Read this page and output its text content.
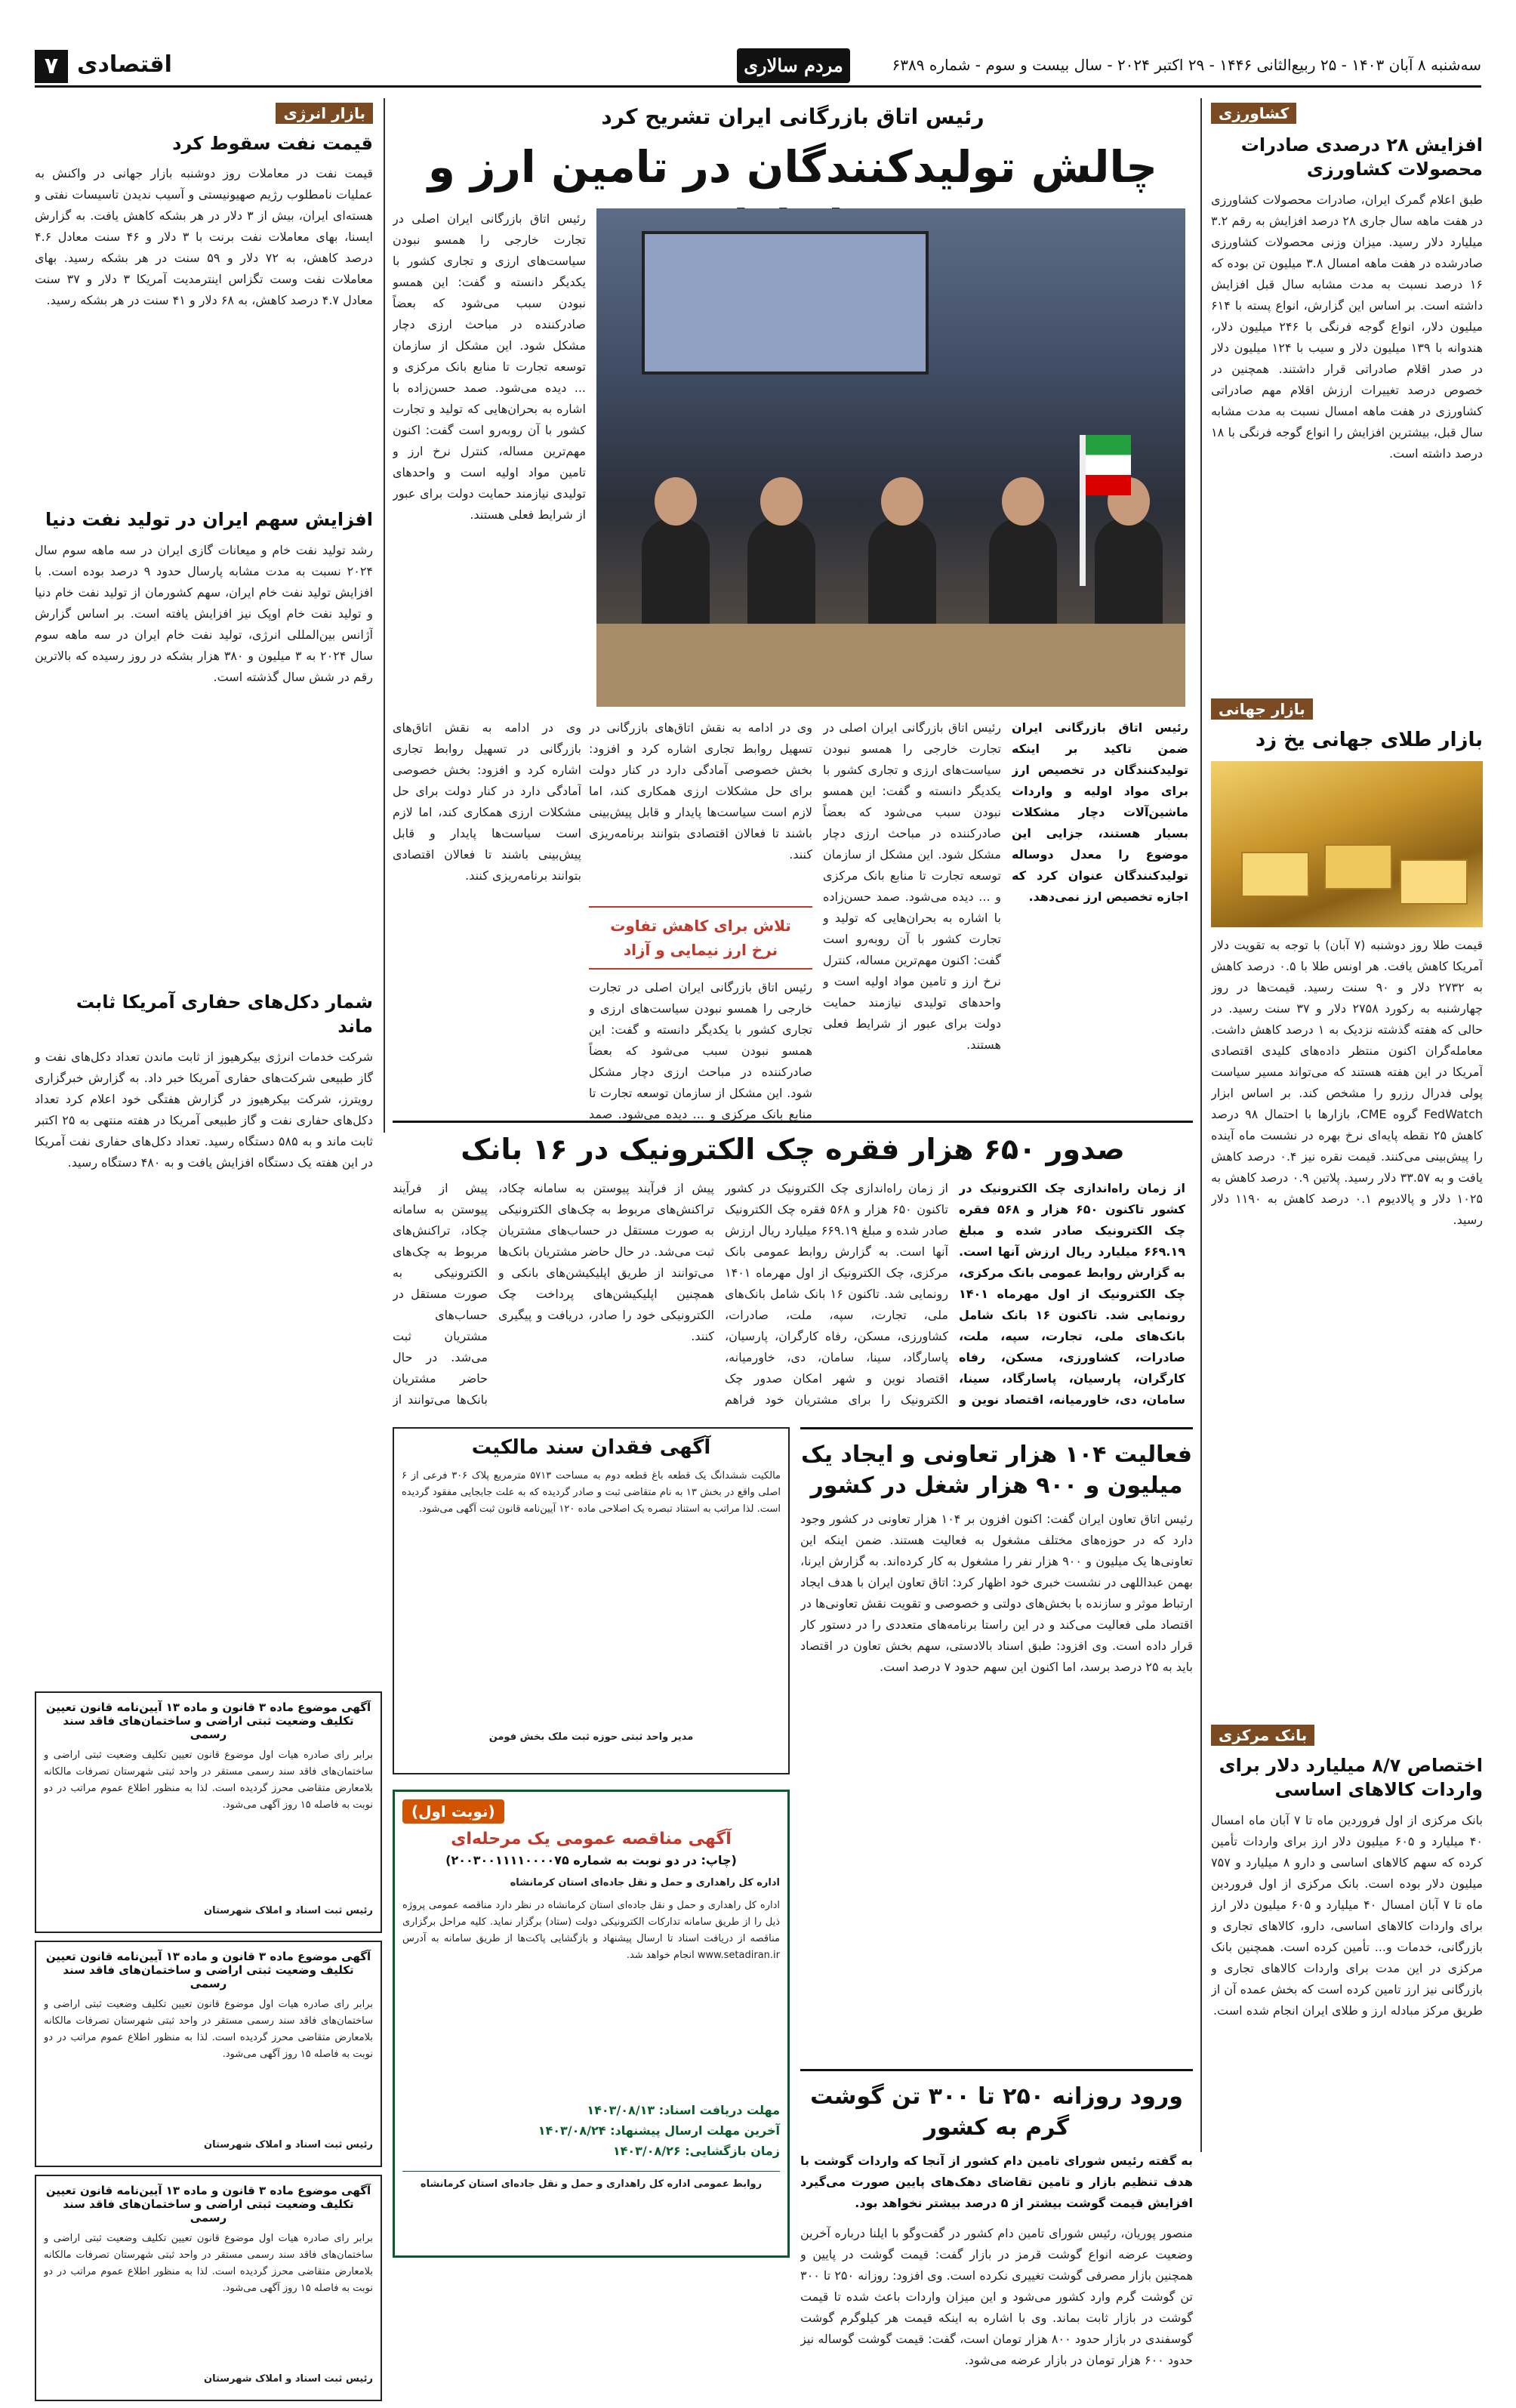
۷ اقتصادی	مردم سالاری	سه‌شنبه ۸ آبان ۱۴۰۳ - ۲۵ ربیع‌الثانی ۱۴۴۶ - ۲۹ اکتبر ۲۰۲۴ - سال بیست و سوم - شماره ۶۳۸۹
کشاورزی
افزایش ۲۸ درصدی صادرات محصولات کشاورزی
طبق اعلام گمرک ایران، صادرات محصولات کشاورزی در هفت ماهه سال جاری ۲۸ درصد افزایش به رقم ۳.۲ میلیارد دلار رسید. میزان وزنی محصولات کشاورزی صادرشده در هفت ماهه امسال ۳.۸ میلیون تن بوده که ۱۶ درصد نسبت به مدت مشابه سال قبل افزایش داشته است. بر اساس این گزارش، انواع پسته با ۶۱۴ میلیون دلار، انواع گوجه فرنگی با ۲۴۶ میلیون دلار، هندوانه با ۱۳۹ میلیون دلار و سیب با ۱۲۴ میلیون دلار در صدر اقلام صادراتی قرار داشتند. همچنین در خصوص درصد تغییرات ارزش اقلام مهم صادراتی کشاورزی در هفت ماهه امسال نسبت به مدت مشابه سال قبل، بیشترین افزایش را انواع گوجه فرنگی با ۱۸ درصد داشته است.
بازار جهانی
بازار طلای جهانی یخ زد
قیمت طلا روز دوشنبه (۷ آبان) با توجه به تقویت دلار آمریکا کاهش یافت. هر اونس طلا با ۰.۵ درصد کاهش به ۲۷۳۲ دلار و ۹۰ سنت رسید. قیمت‌ها در روز چهارشنبه به رکورد ۲۷۵۸ دلار و ۳۷ سنت رسید. در حالی که هفته گذشته نزدیک به ۱ درصد کاهش داشت. معامله‌گران اکنون منتظر داده‌های کلیدی اقتصادی آمریکا در این هفته هستند که می‌تواند مسیر سیاست پولی فدرال رزرو را مشخص کند. بر اساس ابزار FedWatch گروه CME، بازارها با احتمال ۹۸ درصد کاهش ۲۵ نقطه پایه‌ای نرخ بهره در نشست ماه آینده را پیش‌بینی می‌کنند. قیمت نقره نیز ۰.۴ درصد کاهش یافت و به ۳۳.۵۷ دلار رسید. پلاتین ۰.۹ درصد کاهش به ۱۰۲۵ دلار و پالادیوم ۰.۱ درصد کاهش به ۱۱۹۰ دلار رسید.
بانک مرکزی
اختصاص ۸/۷ میلیارد دلار برای واردات کالاهای اساسی
بانک مرکزی از اول فروردین ماه تا ۷ آبان ماه امسال ۴۰ میلیارد و ۶۰۵ میلیون دلار ارز برای واردات تأمین کرده که سهم کالاهای اساسی و دارو ۸ میلیارد و ۷۵۷ میلیون دلار بوده است. بانک مرکزی از اول فروردین ماه تا ۷ آبان امسال ۴۰ میلیارد و ۶۰۵ میلیون دلار ارز برای واردات کالاهای اساسی، دارو، کالاهای تجاری و بازرگانی، خدمات و... تأمین کرده است. همچنین بانک مرکزی در این مدت برای واردات کالاهای تجاری و بازرگانی نیز ارز تامین کرده است که بخش عمده آن از طریق مرکز مبادله ارز و طلای ایران انجام شده است.
بازار انرژی
قیمت نفت سقوط کرد
قیمت نفت در معاملات روز دوشنبه بازار جهانی در واکنش به عملیات نامطلوب رژیم صهیونیستی و آسیب ندیدن تاسیسات نفتی و هسته‌ای ایران، بیش از ۳ دلار در هر بشکه کاهش یافت. به گزارش ایسنا، بهای معاملات نفت برنت با ۳ دلار و ۴۶ سنت معادل ۴.۶ درصد کاهش، به ۷۲ دلار و ۵۹ سنت در هر بشکه رسید. بهای معاملات نفت وست تگزاس اینترمدیت آمریکا ۳ دلار و ۳۷ سنت معادل ۴.۷ درصد کاهش، به ۶۸ دلار و ۴۱ سنت در هر بشکه رسید.
افزایش سهم ایران در تولید نفت دنیا
رشد تولید نفت خام و میعانات گازی ایران در سه ماهه سوم سال ۲۰۲۴ نسبت به مدت مشابه پارسال حدود ۹ درصد بوده است. با افزایش تولید نفت خام ایران، سهم کشورمان از تولید نفت خام دنیا و تولید نفت خام اوپک نیز افزایش یافته است. بر اساس گزارش آژانس بین‌المللی انرژی، تولید نفت خام ایران در سه ماهه سوم سال ۲۰۲۴ به ۳ میلیون و ۳۸۰ هزار بشکه در روز رسیده که بالاترین رقم در شش سال گذشته است.
شمار دکل‌های حفاری آمریکا ثابت ماند
شرکت خدمات انرژی بیکرهیوز از ثابت ماندن تعداد دکل‌های نفت و گاز طبیعی شرکت‌های حفاری آمریکا خبر داد. به گزارش خبرگزاری رویترز، شرکت بیکرهیوز در گزارش هفتگی خود اعلام کرد تعداد دکل‌های حفاری نفت و گاز طبیعی آمریکا در هفته منتهی به ۲۵ اکتبر ثابت ماند و به ۵۸۵ دستگاه رسید. تعداد دکل‌های حفاری نفت آمریکا در این هفته یک دستگاه افزایش یافت و به ۴۸۰ دستگاه رسید.
رئیس اتاق بازرگانی ایران تشریح کرد
چالش تولیدکنندگان در تامین ارز و
رئیس اتاق بازرگانی ایران اصلی در تجارت خارجی را همسو نبودن سیاست‌های ارزی و تجاری کشور با یکدیگر دانسته و گفت: این همسو نبودن سبب می‌شود که بعضاً صادرکننده در مباحث ارزی دچار مشکل شود. این مشکل از سازمان توسعه تجارت تا منابع بانک مرکزی و ... دیده می‌شود. صمد حسن‌زاده با اشاره به بحران‌هایی که تولید و تجارت کشور با آن روبه‌رو است گفت: اکنون مهم‌ترین مساله، کنترل نرخ ارز و تامین مواد اولیه است و واحدهای تولیدی نیازمند حمایت دولت برای عبور از شرایط فعلی هستند.
رئیس اتاق بازرگانی ایران ضمن تاکید بر اینکه تولیدکنندگان در تخصیص ارز برای مواد اولیه و واردات ماشین‌آلات دچار مشکلات بسیار هستند، جزایی این موضوع را معدل دوساله تولیدکنندگان عنوان کرد که اجازه تخصیص ارز نمی‌دهد.
رئیس اتاق بازرگانی ایران اصلی در تجارت خارجی را همسو نبودن سیاست‌های ارزی و تجاری کشور با یکدیگر دانسته و گفت: این همسو نبودن سبب می‌شود که بعضاً صادرکننده در مباحث ارزی دچار مشکل شود. این مشکل از سازمان توسعه تجارت تا منابع بانک مرکزی و ... دیده می‌شود. صمد حسن‌زاده با اشاره به بحران‌هایی که تولید و تجارت کشور با آن روبه‌رو است گفت: اکنون مهم‌ترین مساله، کنترل نرخ ارز و تامین مواد اولیه است و واحدهای تولیدی نیازمند حمایت دولت برای عبور از شرایط فعلی هستند.
وی در ادامه به نقش اتاق‌های بازرگانی در تسهیل روابط تجاری اشاره کرد و افزود: بخش خصوصی آمادگی دارد در کنار دولت برای حل مشکلات ارزی همکاری کند، اما لازم است سیاست‌ها پایدار و قابل پیش‌بینی باشند تا فعالان اقتصادی بتوانند برنامه‌ریزی کنند.
تلاش برای کاهش تفاوت نرخ ارز نیمایی و آزاد
رئیس اتاق بازرگانی ایران اصلی در تجارت خارجی را همسو نبودن سیاست‌های ارزی و تجاری کشور با یکدیگر دانسته و گفت: این همسو نبودن سبب می‌شود که بعضاً صادرکننده در مباحث ارزی دچار مشکل شود. این مشکل از سازمان توسعه تجارت تا منابع بانک مرکزی و ... دیده می‌شود. صمد
وی در ادامه به نقش اتاق‌های بازرگانی در تسهیل روابط تجاری اشاره کرد و افزود: بخش خصوصی آمادگی دارد در کنار دولت برای حل مشکلات ارزی همکاری کند، اما لازم است سیاست‌ها پایدار و قابل پیش‌بینی باشند تا فعالان اقتصادی بتوانند برنامه‌ریزی کنند.
صدور ۶۵۰ هزار فقره چک الکترونیک در ۱۶ بانک
از زمان راه‌اندازی چک الکترونیک در کشور تاکنون ۶۵۰ هزار و ۵۶۸ فقره چک الکترونیک صادر شده و مبلغ ۶۶۹.۱۹ میلیارد ریال ارزش آنها است. به گزارش روابط عمومی بانک مرکزی، چک الکترونیک از اول مهرماه ۱۴۰۱ رونمایی شد. تاکنون ۱۶ بانک شامل بانک‌های ملی، تجارت، سپه، ملت، صادرات، کشاورزی، مسکن، رفاه کارگران، پارسیان، پاسارگاد، سینا، سامان، دی، خاورمیانه، اقتصاد نوین و
از زمان راه‌اندازی چک الکترونیک در کشور تاکنون ۶۵۰ هزار و ۵۶۸ فقره چک الکترونیک صادر شده و مبلغ ۶۶۹.۱۹ میلیارد ریال ارزش آنها است. به گزارش روابط عمومی بانک مرکزی، چک الکترونیک از اول مهرماه ۱۴۰۱ رونمایی شد. تاکنون ۱۶ بانک شامل بانک‌های ملی، تجارت، سپه، ملت، صادرات، کشاورزی، مسکن، رفاه کارگران، پارسیان، پاسارگاد، سینا، سامان، دی، خاورمیانه، اقتصاد نوین و شهر امکان صدور چک الکترونیک را برای مشتریان خود فراهم
پیش از فرآیند پیوستن به سامانه چکاد، تراکنش‌های مربوط به چک‌های الکترونیکی به صورت مستقل در حساب‌های مشتریان ثبت می‌شد. در حال حاضر مشتریان بانک‌ها می‌توانند از طریق اپلیکیشن‌های بانکی و همچنین اپلیکیشن‌های پرداخت چک الکترونیکی خود را صادر، دریافت و پیگیری کنند.
پیش از فرآیند پیوستن به سامانه چکاد، تراکنش‌های مربوط به چک‌های الکترونیکی به صورت مستقل در حساب‌های مشتریان ثبت می‌شد. در حال حاضر مشتریان بانک‌ها می‌توانند از
فعالیت ۱۰۴ هزار تعاونی و ایجاد یک میلیون و ۹۰۰ هزار شغل در کشور
رئیس اتاق تعاون ایران گفت: اکنون افزون بر ۱۰۴ هزار تعاونی در کشور وجود دارد که در حوزه‌های مختلف مشغول به فعالیت هستند. ضمن اینکه این تعاونی‌ها یک میلیون و ۹۰۰ هزار نفر را مشغول به کار کرده‌اند. به گزارش ایرنا، بهمن عبداللهی در نشست خبری خود اظهار کرد: اتاق تعاون ایران با هدف ایجاد ارتباط موثر و سازنده با بخش‌های دولتی و خصوصی و تقویت نقش تعاونی‌ها در اقتصاد ملی فعالیت می‌کند و در این راستا برنامه‌های متعددی را در دستور کار قرار داده است. وی افزود: طبق اسناد بالادستی، سهم بخش تعاون در اقتصاد باید به ۲۵ درصد برسد، اما اکنون این سهم حدود ۷ درصد است.
ورود روزانه ۲۵۰ تا ۳۰۰ تن گوشت گرم به کشور
به گفته رئیس شورای تامین دام کشور از آنجا که واردات گوشت با هدف تنظیم بازار و تامین تقاضای دهک‌های پایین صورت می‌گیرد افزایش قیمت گوشت بیشتر از ۵ درصد بیشتر نخواهد بود.
منصور پوریان، رئیس شورای تامین دام کشور در گفت‌وگو با ایلنا درباره آخرین وضعیت عرضه انواع گوشت قرمز در بازار گفت: قیمت گوشت در پایین و همچنین بازار مصرفی گوشت تغییری نکرده است. وی افزود: روزانه ۲۵۰ تا ۳۰۰ تن گوشت گرم وارد کشور می‌شود و این میزان واردات باعث شده تا قیمت گوشت در بازار ثابت بماند. وی با اشاره به اینکه قیمت هر کیلوگرم گوشت گوسفندی در بازار حدود ۸۰۰ هزار تومان است، گفت: قیمت گوشت گوساله نیز حدود ۶۰۰ هزار تومان در بازار عرضه می‌شود.
آگهی موضوع ماده ۳ قانون و ماده ۱۳ آیین‌نامه قانون تعیین تکلیف وضعیت ثبتی اراضی و ساختمان‌های فاقد سند رسمی
برابر رای صادره هیات اول موضوع قانون تعیین تکلیف وضعیت ثبتی اراضی و ساختمان‌های فاقد سند رسمی مستقر در واحد ثبتی شهرستان تصرفات مالکانه بلامعارض متقاضی محرز گردیده است. لذا به منظور اطلاع عموم مراتب در دو نوبت به فاصله ۱۵ روز آگهی می‌شود.
رئیس ثبت اسناد و املاک شهرستان
آگهی موضوع ماده ۳ قانون و ماده ۱۳ آیین‌نامه قانون تعیین تکلیف وضعیت ثبتی اراضی و ساختمان‌های فاقد سند رسمی
برابر رای صادره هیات اول موضوع قانون تعیین تکلیف وضعیت ثبتی اراضی و ساختمان‌های فاقد سند رسمی مستقر در واحد ثبتی شهرستان تصرفات مالکانه بلامعارض متقاضی محرز گردیده است. لذا به منظور اطلاع عموم مراتب در دو نوبت به فاصله ۱۵ روز آگهی می‌شود.
رئیس ثبت اسناد و املاک شهرستان
آگهی موضوع ماده ۳ قانون و ماده ۱۳ آیین‌نامه قانون تعیین تکلیف وضعیت ثبتی اراضی و ساختمان‌های فاقد سند رسمی
برابر رای صادره هیات اول موضوع قانون تعیین تکلیف وضعیت ثبتی اراضی و ساختمان‌های فاقد سند رسمی مستقر در واحد ثبتی شهرستان تصرفات مالکانه بلامعارض متقاضی محرز گردیده است. لذا به منظور اطلاع عموم مراتب در دو نوبت به فاصله ۱۵ روز آگهی می‌شود.
رئیس ثبت اسناد و املاک شهرستان
آگهی فقدان سند مالکیت
مالکیت ششدانگ یک قطعه باغ قطعه دوم به مساحت ۵۷۱۳ مترمربع پلاک ۳۰۶ فرعی از ۶ اصلی واقع در بخش ۱۳ به نام متقاضی ثبت و صادر گردیده که به علت جابجایی مفقود گردیده است. لذا مراتب به استناد تبصره یک اصلاحی ماده ۱۲۰ آیین‌نامه قانون ثبت آگهی می‌شود.
مدیر واحد ثبتی حوزه ثبت ملک بخش فومن
(نوبت اول)
آگهی مناقصه عمومی یک مرحله‌ای
(چاپ: در دو نوبت به شماره ۲۰۰۳۰۰۱۱۱۱۰۰۰۰۷۵)
اداره کل راهداری و حمل و نقل جاده‌ای استان کرمانشاه
اداره کل راهداری و حمل و نقل جاده‌ای استان کرمانشاه در نظر دارد مناقصه عمومی پروژه ذیل را از طریق سامانه تدارکات الکترونیکی دولت (ستاد) برگزار نماید. کلیه مراحل برگزاری مناقصه از دریافت اسناد تا ارسال پیشنهاد و بازگشایی پاکت‌ها از طریق سامانه به آدرس www.setadiran.ir انجام خواهد شد.
مهلت دریافت اسناد: ۱۴۰۳/۰۸/۱۳
آخرین مهلت ارسال پیشنهاد: ۱۴۰۳/۰۸/۲۴
زمان بازگشایی: ۱۴۰۳/۰۸/۲۶
روابط عمومی اداره کل راهداری و حمل و نقل جاده‌ای استان کرمانشاه
